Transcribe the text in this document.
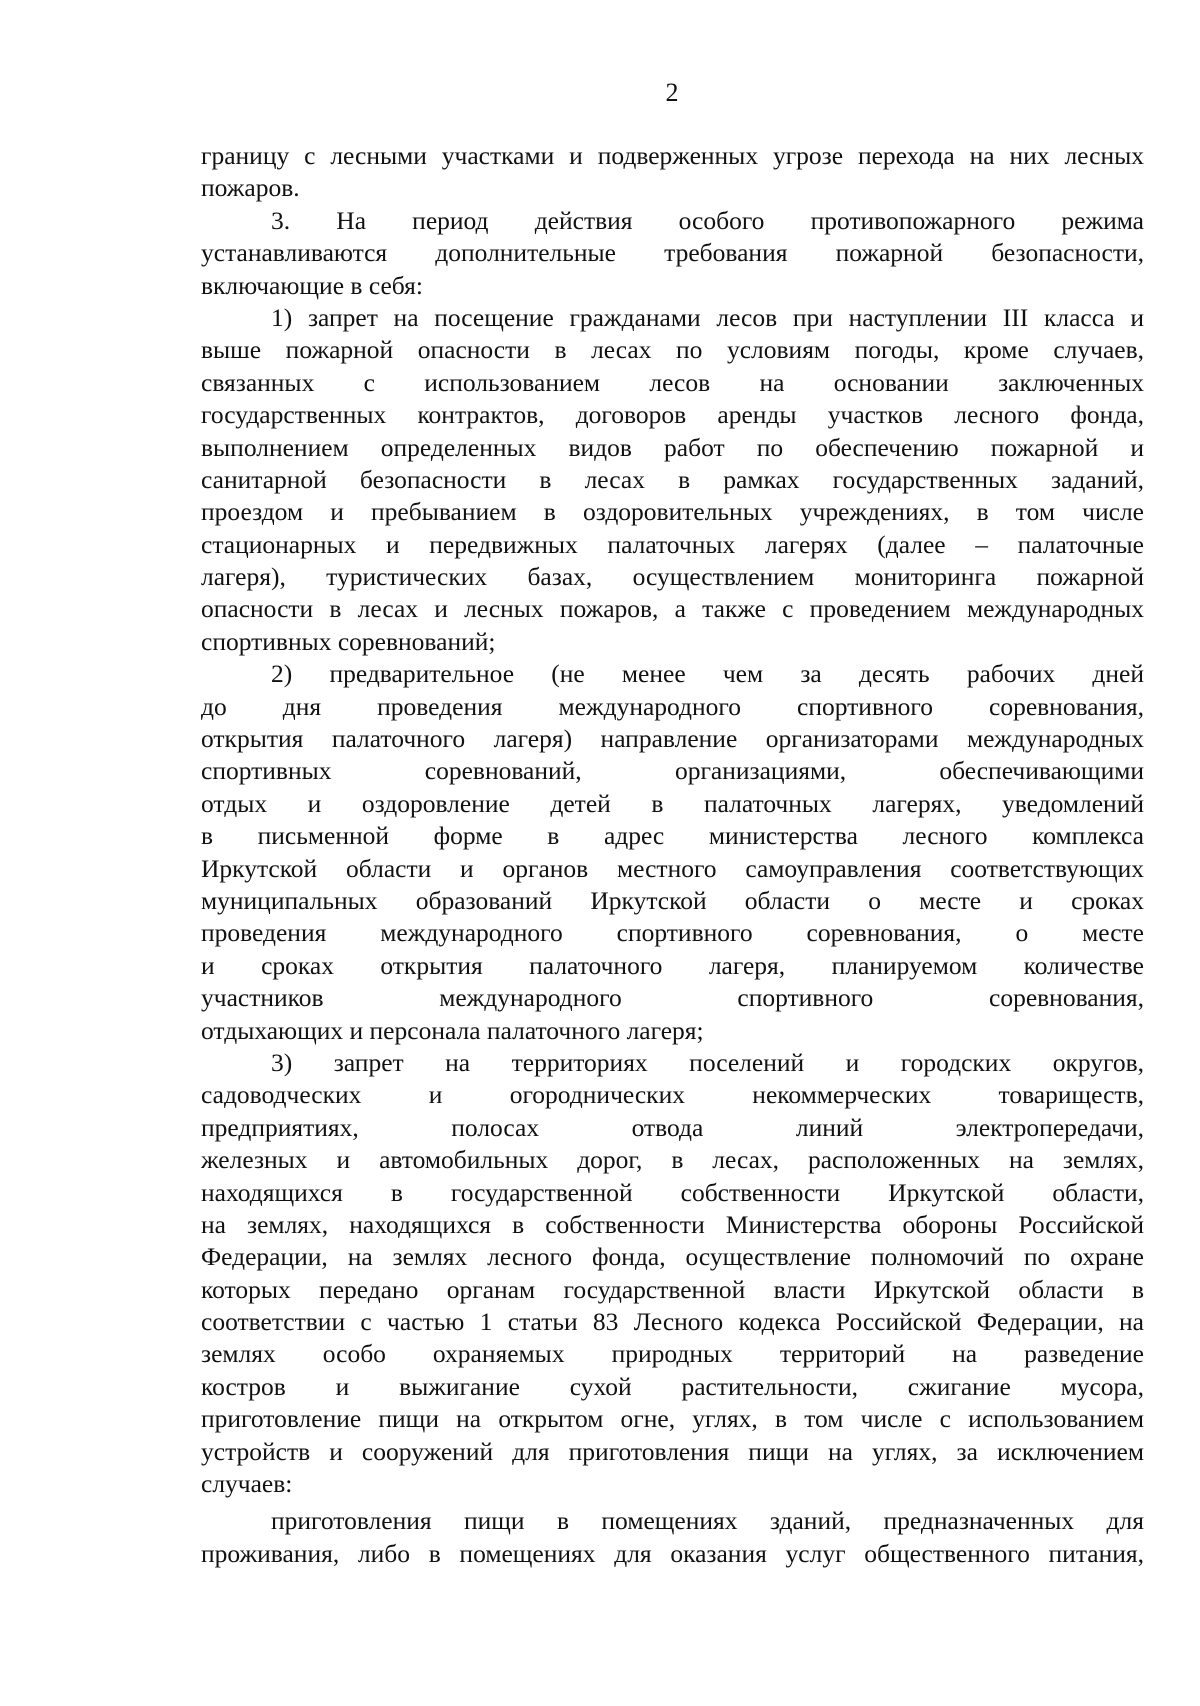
2
границу с лесными участками и подверженных угрозе перехода на них лесных
пожаров.
3. На период действия особого противопожарного режима
устанавливаются дополнительные требования пожарной безопасности,
включающие в себя:
1) запрет на посещение гражданами лесов при наступлении III класса и
выше пожарной опасности в лесах по условиям погоды, кроме случаев,
связанных с использованием лесов на основании заключенных
государственных контрактов, договоров аренды участков лесного фонда,
выполнением определенных видов работ по обеспечению пожарной и
санитарной безопасности в лесах в рамках государственных заданий,
проездом и пребыванием в оздоровительных учреждениях, в том числе
стационарных и передвижных палаточных лагерях (далее – палаточные
лагеря), туристических базах, осуществлением мониторинга пожарной
опасности в лесах и лесных пожаров, а также с проведением международных
спортивных соревнований;
2) предварительное (не менее чем за десять рабочих дней
до дня проведения международного спортивного соревнования,
открытия палаточного лагеря) направление организаторами международных
спортивных соревнований, организациями, обеспечивающими
отдых и оздоровление детей в палаточных лагерях, уведомлений
в письменной форме в адрес министерства лесного комплекса
Иркутской области и органов местного самоуправления соответствующих
муниципальных образований Иркутской области о месте и сроках
проведения международного спортивного соревнования, о месте
и сроках открытия палаточного лагеря, планируемом количестве
участников международного спортивного соревнования,
отдыхающих и персонала палаточного лагеря;
3) запрет на территориях поселений и городских округов,
садоводческих и огороднических некоммерческих товариществ,
предприятиях, полосах отвода линий электропередачи,
железных и автомобильных дорог, в лесах, расположенных на землях,
находящихся в государственной собственности Иркутской области,
на землях, находящихся в собственности Министерства обороны Российской
Федерации, на землях лесного фонда, осуществление полномочий по охране
которых передано органам государственной власти Иркутской области в
соответствии с частью 1 статьи 83 Лесного кодекса Российской Федерации, на
землях особо охраняемых природных территорий на разведение
костров и выжигание сухой растительности, сжигание мусора,
приготовление пищи на открытом огне, углях, в том числе с использованием
устройств и сооружений для приготовления пищи на углях, за исключением
случаев:
приготовления пищи в помещениях зданий, предназначенных для
проживания, либо в помещениях для оказания услуг общественного питания,
